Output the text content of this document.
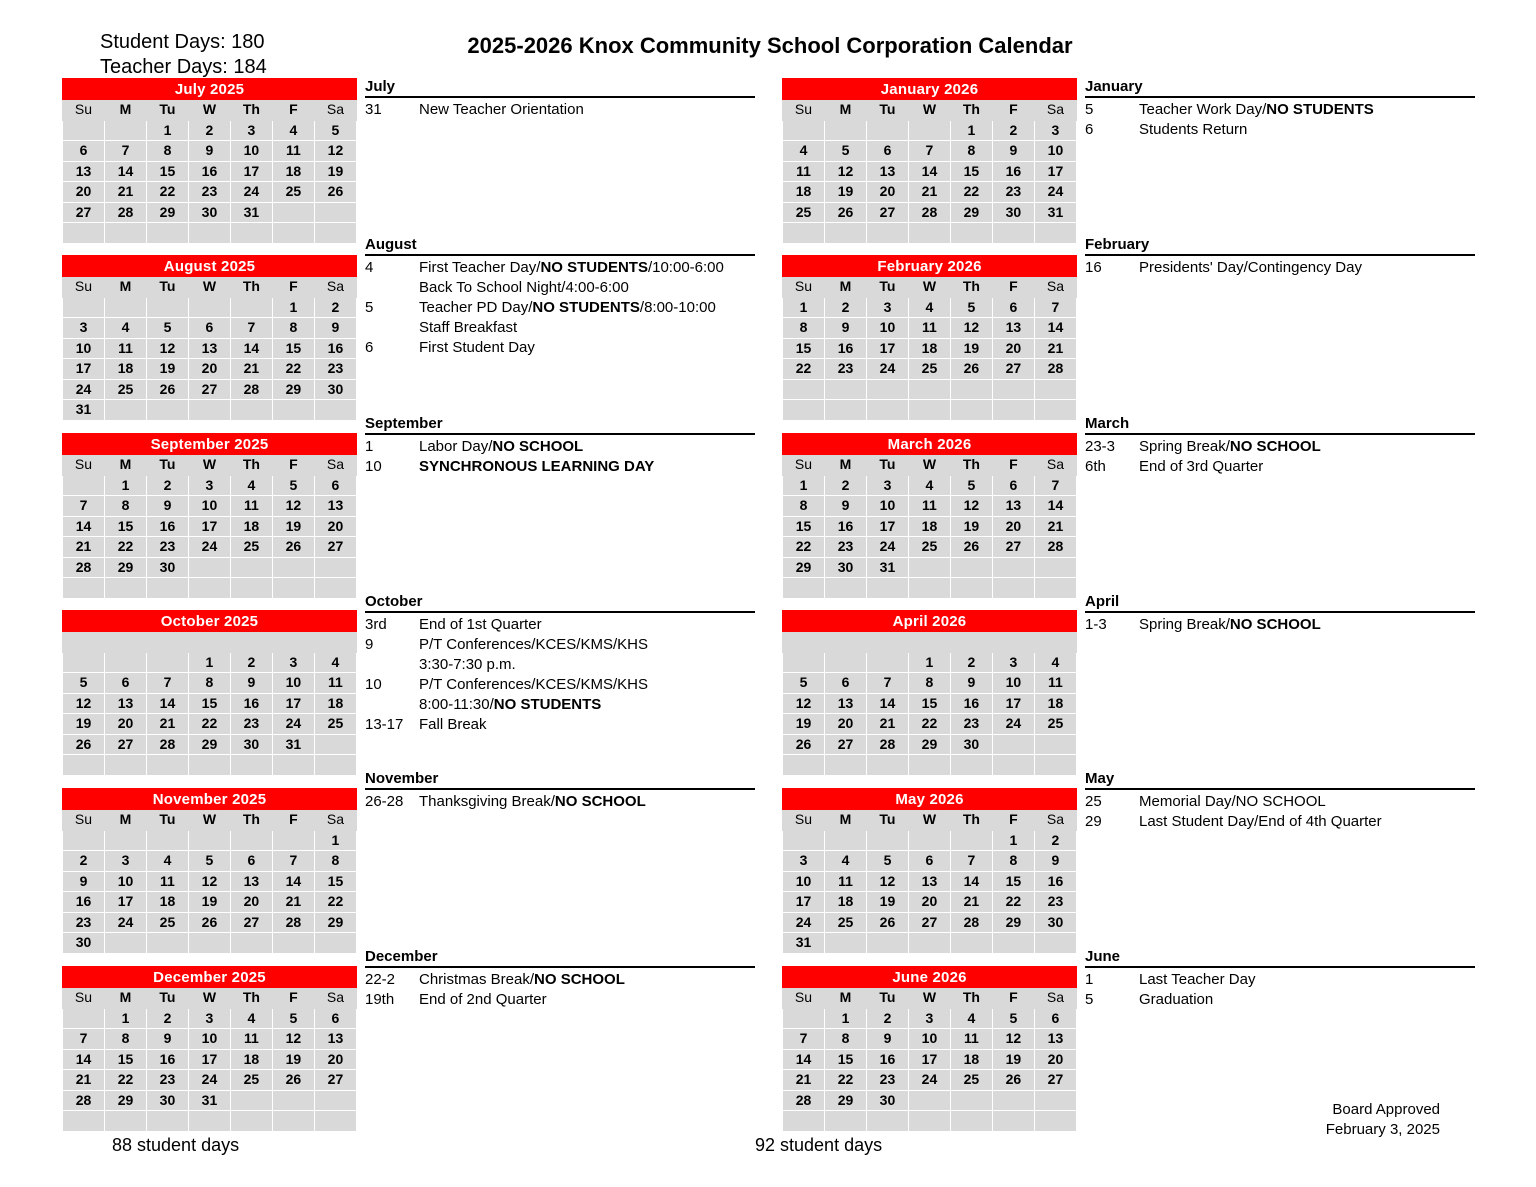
Student Days: 180
Teacher Days: 184
2025-2026 Knox Community School Corporation Calendar
July 2025						
Su	M	Tu	W	Th	F	Sa
		1	2	3	4	5
6	7	8	9	10	11	12
13	14	15	16	17	18	19
20	21	22	23	24	25	26
27	28	29	30	31		

August 2025						
Su	M	Tu	W	Th	F	Sa
					1	2
3	4	5	6	7	8	9
10	11	12	13	14	15	16
17	18	19	20	21	22	23
24	25	26	27	28	29	30
31						
September 2025						
Su	M	Tu	W	Th	F	Sa
	1	2	3	4	5	6
7	8	9	10	11	12	13
14	15	16	17	18	19	20
21	22	23	24	25	26	27
28	29	30				

October 2025						

			1	2	3	4
5	6	7	8	9	10	11
12	13	14	15	16	17	18
19	20	21	22	23	24	25
26	27	28	29	30	31	

November 2025						
Su	M	Tu	W	Th	F	Sa
						1
2	3	4	5	6	7	8
9	10	11	12	13	14	15
16	17	18	19	20	21	22
23	24	25	26	27	28	29
30						
December 2025						
Su	M	Tu	W	Th	F	Sa
	1	2	3	4	5	6
7	8	9	10	11	12	13
14	15	16	17	18	19	20
21	22	23	24	25	26	27
28	29	30	31			

January 2026						
Su	M	Tu	W	Th	F	Sa
				1	2	3
4	5	6	7	8	9	10
11	12	13	14	15	16	17
18	19	20	21	22	23	24
25	26	27	28	29	30	31

February 2026						
Su	M	Tu	W	Th	F	Sa
1	2	3	4	5	6	7
8	9	10	11	12	13	14
15	16	17	18	19	20	21
22	23	24	25	26	27	28

March 2026						
Su	M	Tu	W	Th	F	Sa
1	2	3	4	5	6	7
8	9	10	11	12	13	14
15	16	17	18	19	20	21
22	23	24	25	26	27	28
29	30	31				

April 2026						

			1	2	3	4
5	6	7	8	9	10	11
12	13	14	15	16	17	18
19	20	21	22	23	24	25
26	27	28	29	30		

May 2026						
Su	M	Tu	W	Th	F	Sa
					1	2
3	4	5	6	7	8	9
10	11	12	13	14	15	16
17	18	19	20	21	22	23
24	25	26	27	28	29	30
31						
June 2026						
Su	M	Tu	W	Th	F	Sa
	1	2	3	4	5	6
7	8	9	10	11	12	13
14	15	16	17	18	19	20
21	22	23	24	25	26	27
28	29	30				

July
31	New Teacher Orientation
August
4	First Teacher Day/NO STUDENTS/10:00-6:00
Back To School Night/4:00-6:00
5	Teacher PD Day/NO STUDENTS/8:00-10:00
Staff Breakfast
6	First Student Day
September
1	Labor Day/NO SCHOOL
10	SYNCHRONOUS LEARNING DAY
October
3rd	End of 1st Quarter
9	P/T Conferences/KCES/KMS/KHS
3:30-7:30 p.m.
10	P/T Conferences/KCES/KMS/KHS
8:00-11:30/NO STUDENTS
13-17	Fall Break
November
26-28	Thanksgiving Break/NO SCHOOL
December
22-2	Christmas Break/NO SCHOOL
19th	End of 2nd Quarter
January
5	Teacher Work Day/NO STUDENTS
6	Students Return
February
16	Presidents' Day/Contingency Day
March
23-3	Spring Break/NO SCHOOL
6th	End of 3rd Quarter
April
1-3	Spring Break/NO SCHOOL
May
25	Memorial Day/NO SCHOOL
29	Last Student Day/End of 4th Quarter
June
1	Last Teacher Day
5	Graduation
88 student days	92 student days
Board Approved
February 3, 2025
